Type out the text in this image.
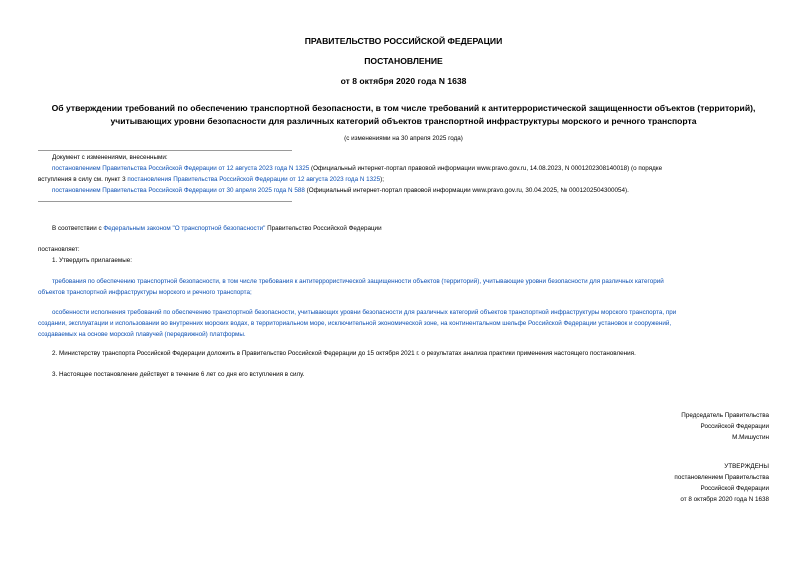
ПРАВИТЕЛЬСТВО РОССИЙСКОЙ ФЕДЕРАЦИИ
ПОСТАНОВЛЕНИЕ
от 8 октября 2020 года N 1638
Об утверждении требований по обеспечению транспортной безопасности, в том числе требований к антитеррористической защищенности объектов (территорий),
учитывающих уровни безопасности для различных категорий объектов транспортной инфраструктуры морского и речного транспорта
(с изменениями на 30 апреля 2025 года)
Документ с изменениями, внесенными:
постановлением Правительства Российской Федерации от 12 августа 2023 года N 1325 (Официальный интернет-портал правовой информации www.pravo.gov.ru, 14.08.2023, N 0001202308140018) (о порядке
вступления в силу см. пункт 3 постановления Правительства Российской Федерации от 12 августа 2023 года N 1325);
постановлением Правительства Российской Федерации от 30 апреля 2025 года N 588 (Официальный интернет-портал правовой информации www.pravo.gov.ru, 30.04.2025, № 0001202504300054).
В соответствии с Федеральным законом "О транспортной безопасности" Правительство Российской Федерации
постановляет:
1. Утвердить прилагаемые:
требования по обеспечению транспортной безопасности, в том числе требования к антитеррористической защищенности объектов (территорий), учитывающие уровни безопасности для различных категорий
объектов транспортной инфраструктуры морского и речного транспорта;
особенности исполнения требований по обеспечению транспортной безопасности, учитывающих уровни безопасности для различных категорий объектов транспортной инфраструктуры морского транспорта, при
создании, эксплуатации и использовании во внутренних морских водах, в территориальном море, исключительной экономической зоне, на континентальном шельфе Российской Федерации установок и сооружений,
создаваемых на основе морской плавучей (передвижной) платформы.
2. Министерству транспорта Российской Федерации доложить в Правительство Российской Федерации до 15 октября 2021 г. о результатах анализа практики применения настоящего постановления.
3. Настоящее постановление действует в течение 6 лет со дня его вступления в силу.
Председатель Правительства
Российской Федерации
М.Мишустин
УТВЕРЖДЕНЫ
постановлением Правительства
Российской Федерации
от 8 октября 2020 года N 1638
